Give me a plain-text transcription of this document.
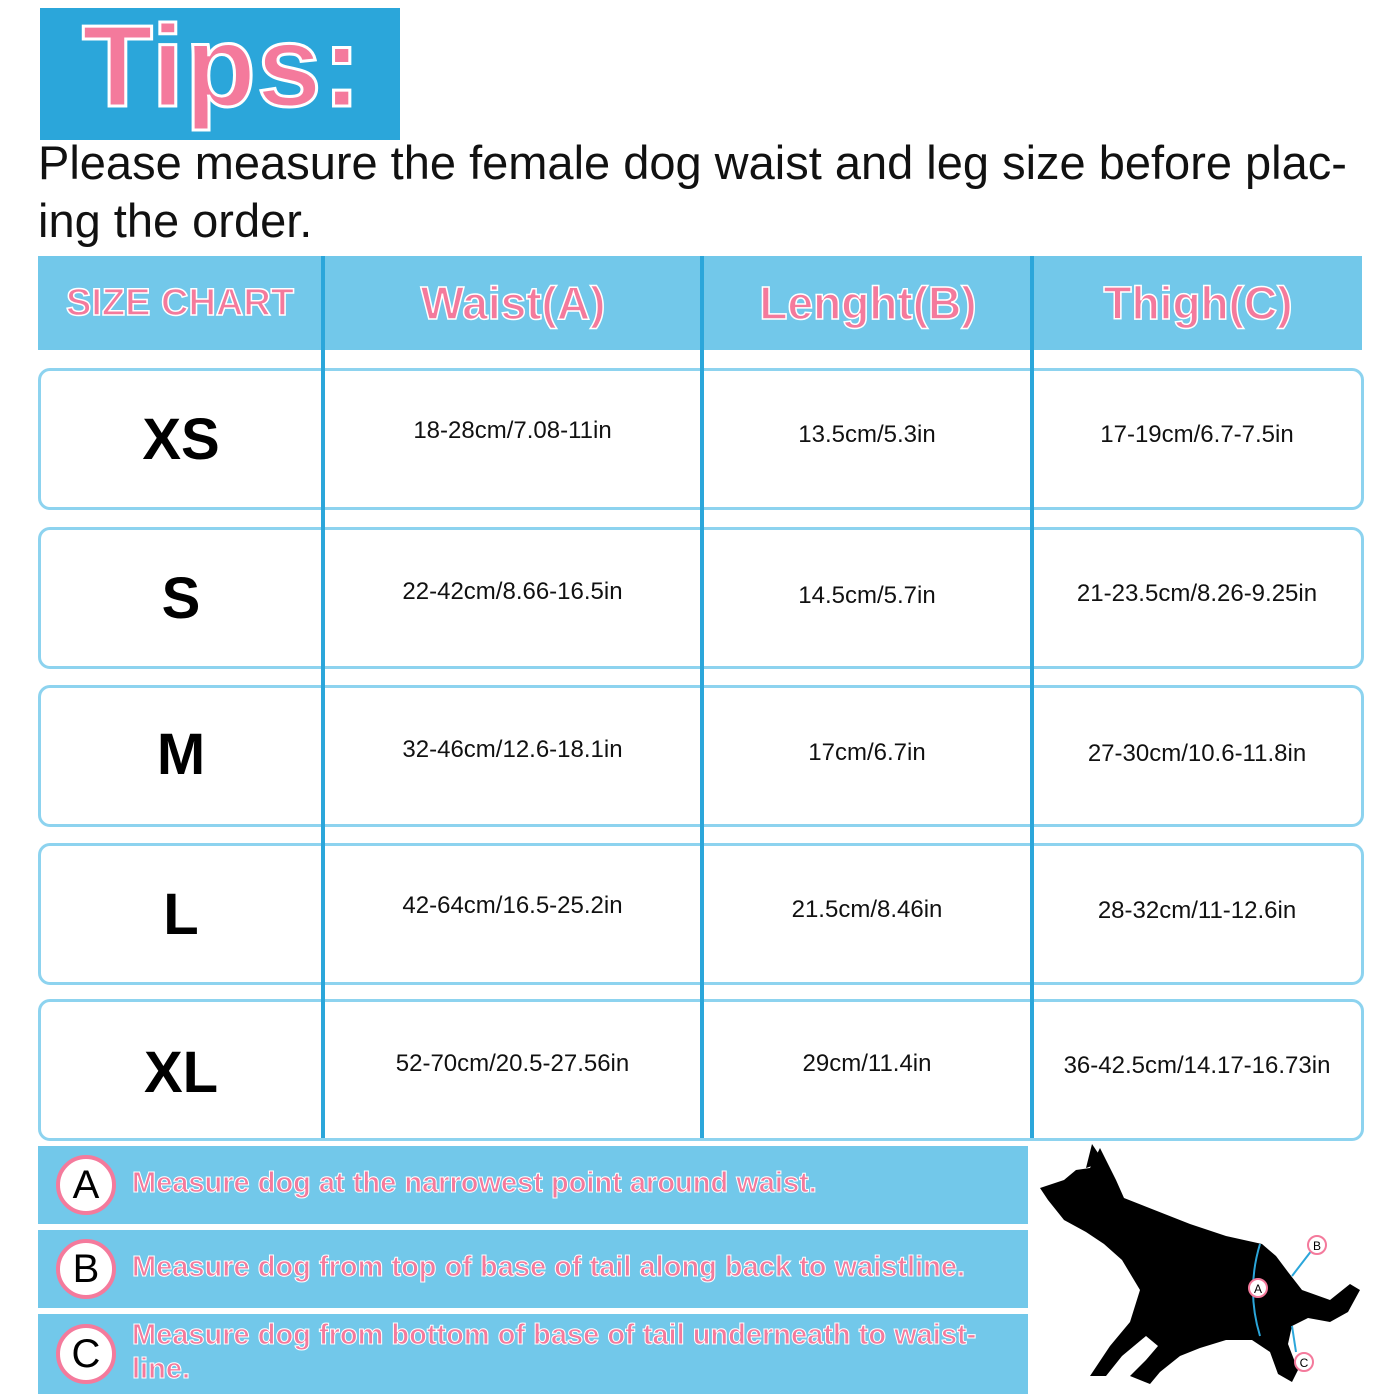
Tips:
Please measure the female dog waist and leg size before plac-ing the order.
SIZE CHART	Waist(A)	Lenght(B)	Thigh(C)
XS	18-28cm/7.08-11in	13.5cm/5.3in	17-19cm/6.7-7.5in
S	22-42cm/8.66-16.5in	14.5cm/5.7in	21-23.5cm/8.26-9.25in
M	32-46cm/12.6-18.1in	17cm/6.7in	27-30cm/10.6-11.8in
L	42-64cm/16.5-25.2in	21.5cm/8.46in	28-32cm/11-12.6in
XL	52-70cm/20.5-27.56in	29cm/11.4in	36-42.5cm/14.17-16.73in
A	Measure dog at the narrowest point around waist.
B	Measure dog from top of base of tail along back to waistline.
C	Measure dog from bottom of base of tail underneath to waist-line.
A
B
C
